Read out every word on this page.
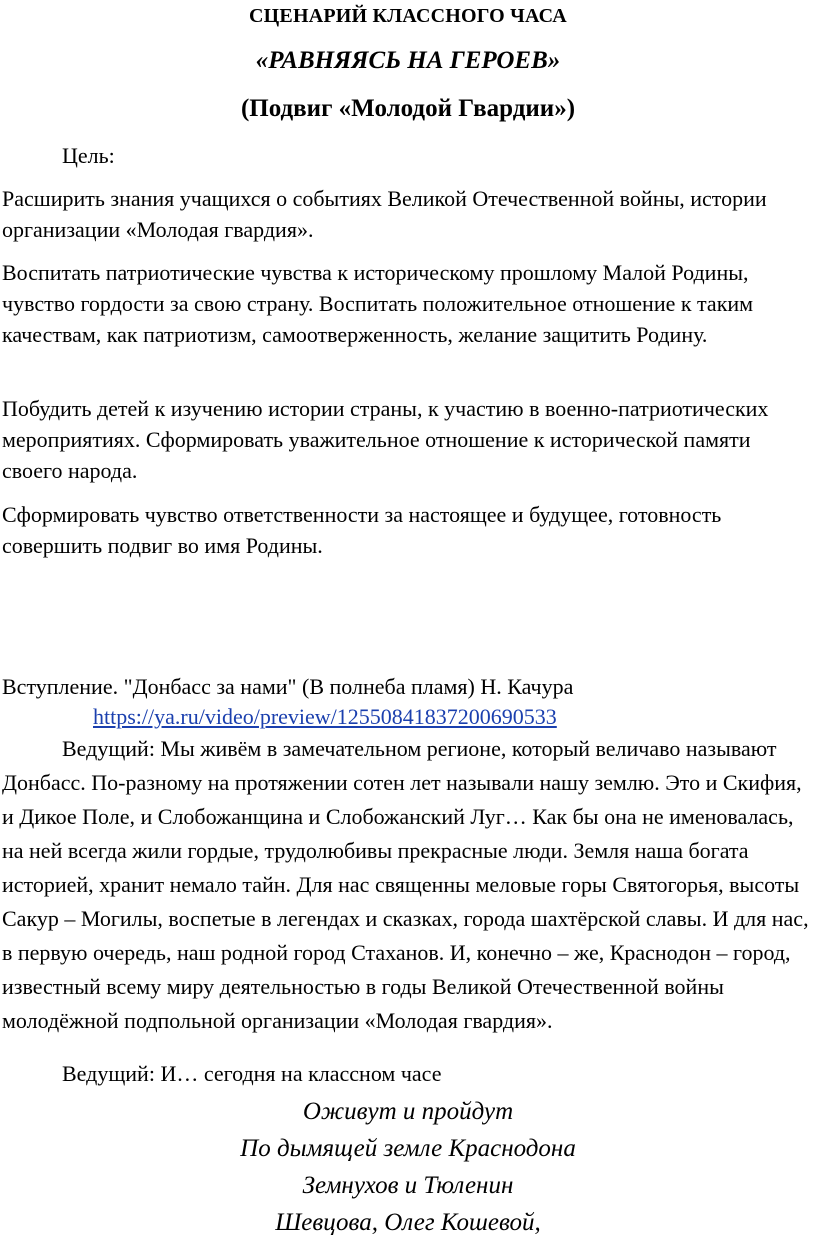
СЦЕНАРИЙ КЛАССНОГО ЧАСА
«РАВНЯЯСЬ НА ГЕРОЕВ»
(Подвиг «Молодой Гвардии»)
Цель:

Расширить знания учащихся о событиях Великой Отечественной войны, истории организации «Молодая гвардия».

Воспитать патриотические чувства к историческому прошлому Малой Родины, чувство гордости за свою страну. Воспитать положительное отношение к таким качествам, как патриотизм, самоотверженность, желание защитить Родину.

Побудить детей к изучению истории страны, к участию в военно-патриотических мероприятиях. Сформировать уважительное отношение к исторической памяти своего народа.

Сформировать чувство ответственности за настоящее и будущее, готовность совершить подвиг во имя Родины.

Вступление. "Донбасс за нами" (В полнеба пламя) Н. Качура
https://ya.ru/video/preview/12550841837200690533

Ведущий: Мы живём в замечательном регионе, который величаво называют Донбасс. По-разному на протяжении сотен лет называли нашу землю. Это и Скифия, и Дикое Поле, и Слобожанщина и Слобожанский Луг… Как бы она не именовалась, на ней всегда жили гордые, трудолюбивы прекрасные люди. Земля наша богата историей, хранит немало тайн. Для нас священны меловые горы Святогорья, высоты Сакур – Могилы, воспетые в легендах и сказках, города шахтёрской славы. И для нас, в первую очередь, наш родной город Стаханов. И, конечно – же, Краснодон – город, известный всему миру деятельностью в годы Великой Отечественной войны молодёжной подпольной организации «Молодая гвардия».

Ведущий: И… сегодня на классном часе
Оживут и пройдут
По дымящей земле Краснодона
Земнухов и Тюленин
Шевцова, Олег Кошевой,
